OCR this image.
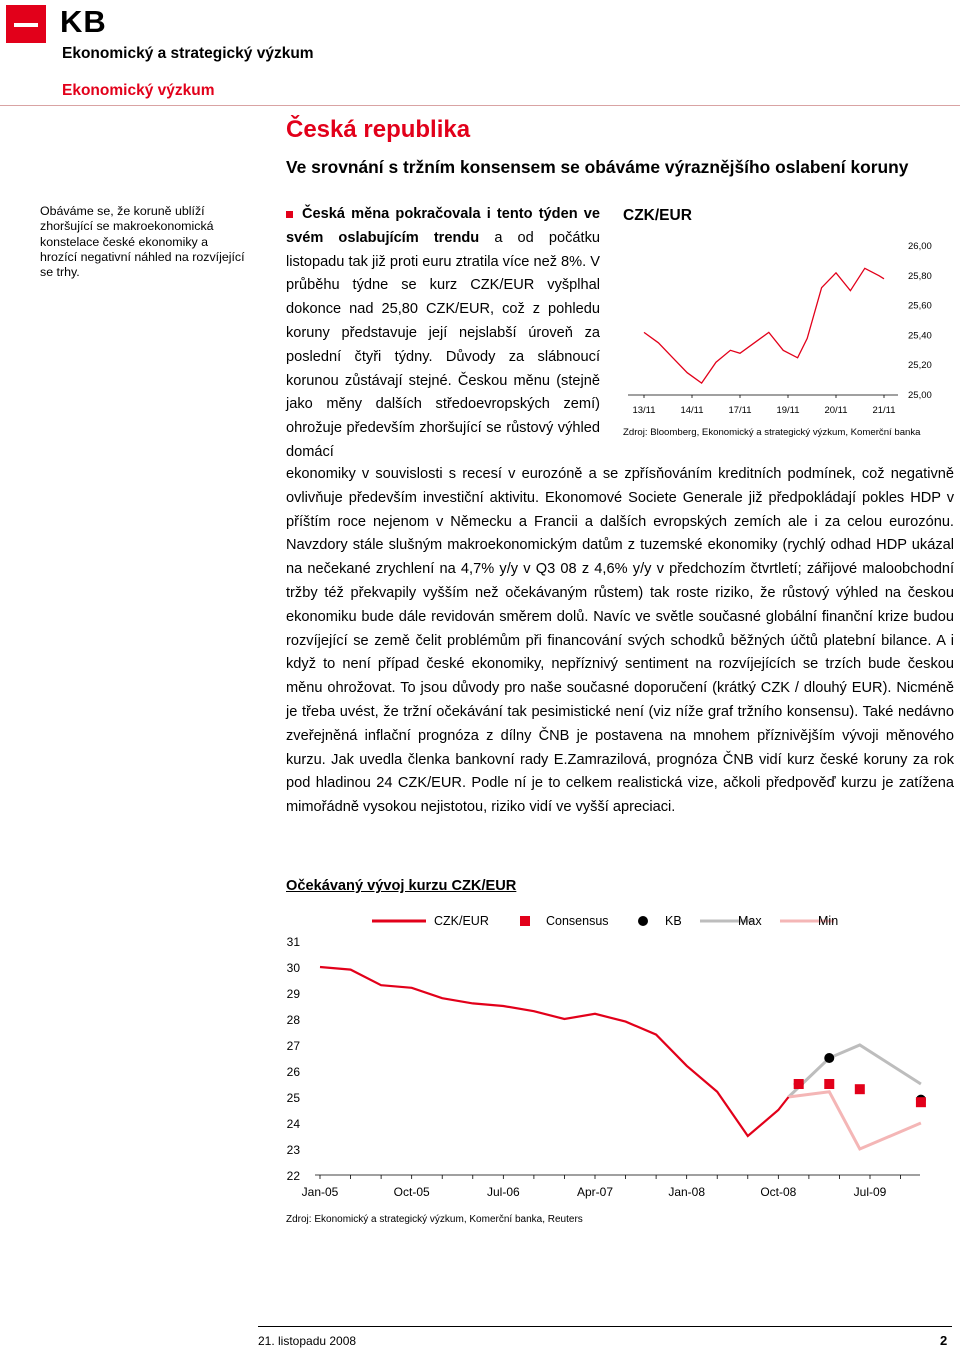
KB
Ekonomický a strategický výzkum
Ekonomický výzkum
Obáváme se, že koruně ublíží zhoršující se makroekonomická konstelace české ekonomiky a hrozící negativní náhled na rozvíjející se trhy.
Česká republika
Ve srovnání s tržním konsensem se obáváme výraznějšího oslabení koruny
Česká měna pokračovala i tento týden ve svém oslabujícím trendu a od počátku listopadu tak již proti euru ztratila více než 8%. V průběhu týdne se kurz CZK/EUR vyšplhal dokonce nad 25,80 CZK/EUR, což z pohledu koruny představuje její nejslabší úroveň za poslední čtyři týdny. Důvody za slábnoucí korunou zůstávají stejné. Českou měnu (stejně jako měny dalších středoevropských zemí) ohrožuje především zhoršující se růstový výhled domácí
ekonomiky v souvislosti s recesí v eurozóně a se zpřísňováním kreditních podmínek, což negativně ovlivňuje především investiční aktivitu. Ekonomové Societe Generale již předpokládají pokles HDP v příštím roce nejenom v Německu a Francii a dalších evropských zemích ale i za celou eurozónu. Navzdory stále slušným makroekonomickým datům z tuzemské ekonomiky (rychlý odhad HDP ukázal na nečekané zrychlení na 4,7% y/y v Q3 08 z 4,6% y/y v předchozím čtvrtletí; zářijové maloobchodní tržby též překvapily vyšším než očekávaným růstem) tak roste riziko, že růstový výhled na českou ekonomiku bude dále revidován směrem dolů. Navíc ve světle současné globální finanční krize budou rozvíjející se země čelit problémům při financování svých schodků běžných účtů platební bilance. A i když to není případ české ekonomiky, nepříznivý sentiment na rozvíjejících se trzích bude českou měnu ohrožovat. To jsou důvody pro naše současné doporučení (krátký CZK / dlouhý EUR). Nicméně je třeba uvést, že tržní očekávání tak pesimistické není (viz níže graf tržního konsensu). Také nedávno zveřejněná inflační prognóza z dílny ČNB je postavena na mnohem příznivějším vývoji měnového kurzu. Jak uvedla členka bankovní rady E.Zamrazilová, prognóza ČNB vidí kurz české koruny za rok pod hladinou 24 CZK/EUR. Podle ní je to celkem realistická vize, ačkoli předpověď kurzu je zatížena mimořádně vysokou nejistotou, riziko vidí ve vyšší apreciaci.
CZK/EUR
26,00
25,80
25,60
25,40
25,20
25,00
13/11	14/11	17/11	19/11	20/11	21/11
Zdroj: Bloomberg, Ekonomický a strategický výzkum, Komerční banka
Očekávaný vývoj kurzu CZK/EUR
CZK/EUR	Consensus	KB	Max	Min
31
30
29
28
27
26
25
24
23
22
Jan-05	Oct-05	Jul-06	Apr-07	Jan-08	Oct-08	Jul-09
Zdroj: Ekonomický a strategický výzkum, Komerční banka, Reuters
21. listopadu 2008	2
